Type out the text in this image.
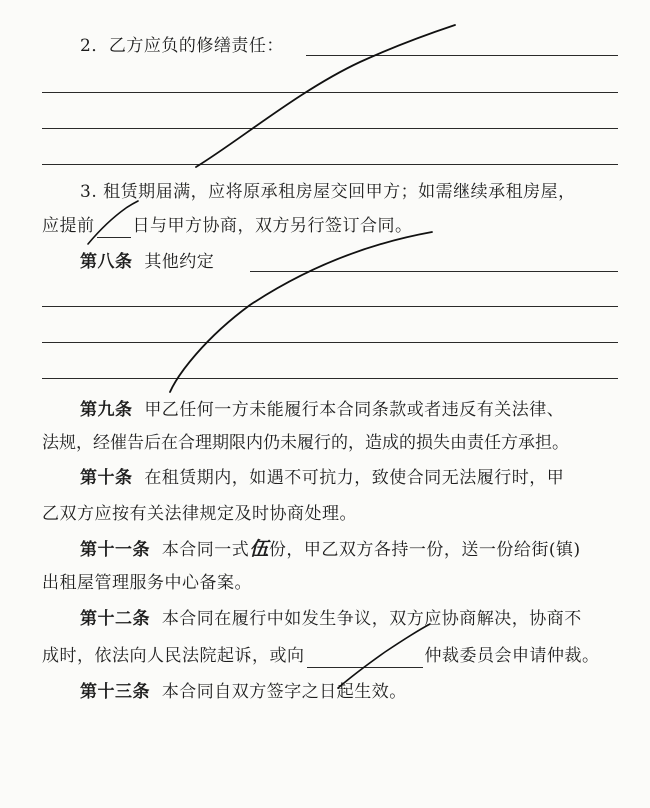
2．乙方应负的修缮责任：
3. 租赁期届满，应将原承租房屋交回甲方；如需继续承租房屋，
应提前 日与甲方协商，双方另行签订合同。
第八条 其他约定
第九条 甲乙任何一方未能履行本合同条款或者违反有关法律、
法规，经催告后在合理期限内仍未履行的，造成的损失由责任方承担。
第十条 在租赁期内，如遇不可抗力，致使合同无法履行时，甲
乙双方应按有关法律规定及时协商处理。
第十一条 本合同一式伍份，甲乙双方各持一份，送一份给街(镇)
出租屋管理服务中心备案。
第十二条 本合同在履行中如发生争议，双方应协商解决，协商不
成时，依法向人民法院起诉，或向	仲裁委员会申请仲裁。
第十三条 本合同自双方签字之日起生效。
